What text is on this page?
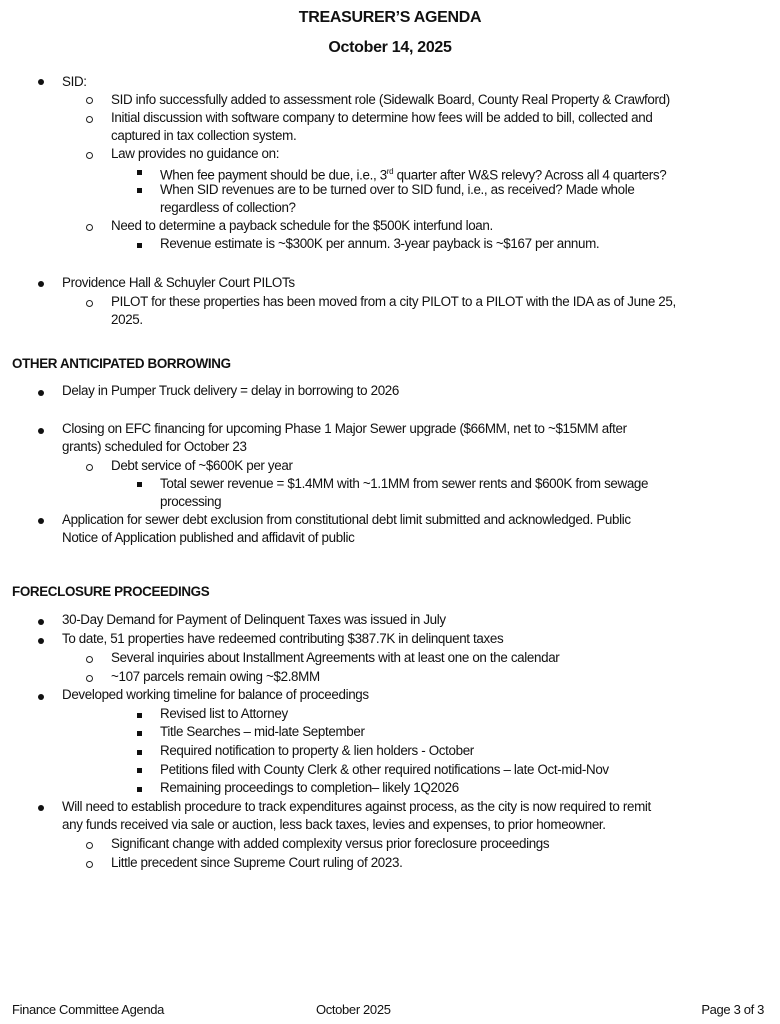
TREASURER’S AGENDA
October 14, 2025
SID:
SID info successfully added to assessment role (Sidewalk Board, County Real Property & Crawford)
Initial discussion with software company to determine how fees will be added to bill, collected and
captured in tax collection system.
Law provides no guidance on:
When fee payment should be due, i.e., 3rd quarter after W&S relevy? Across all 4 quarters?
When SID revenues are to be turned over to SID fund, i.e., as received? Made whole
regardless of collection?
Need to determine a payback schedule for the $500K interfund loan.
Revenue estimate is ~$300K per annum. 3-year payback is ~$167 per annum.
Providence Hall & Schuyler Court PILOTs
PILOT for these properties has been moved from a city PILOT to a PILOT with the IDA as of June 25,
2025.
OTHER ANTICIPATED BORROWING
Delay in Pumper Truck delivery = delay in borrowing to 2026
Closing on EFC financing for upcoming Phase 1 Major Sewer upgrade ($66MM, net to ~$15MM after
grants) scheduled for October 23
Debt service of ~$600K per year
Total sewer revenue = $1.4MM with ~1.1MM from sewer rents and $600K from sewage
processing
Application for sewer debt exclusion from constitutional debt limit submitted and acknowledged. Public
Notice of Application published and affidavit of public
FORECLOSURE PROCEEDINGS
30-Day Demand for Payment of Delinquent Taxes was issued in July
To date, 51 properties have redeemed contributing $387.7K in delinquent taxes
Several inquiries about Installment Agreements with at least one on the calendar
~107 parcels remain owing ~$2.8MM
Developed working timeline for balance of proceedings
Revised list to Attorney
Title Searches – mid-late September
Required notification to property & lien holders - October
Petitions filed with County Clerk & other required notifications – late Oct-mid-Nov
Remaining proceedings to completion– likely 1Q2026
Will need to establish procedure to track expenditures against process, as the city is now required to remit
any funds received via sale or auction, less back taxes, levies and expenses, to prior homeowner.
Significant change with added complexity versus prior foreclosure proceedings
Little precedent since Supreme Court ruling of 2023.
Finance Committee Agenda	October 2025	Page 3 of 3
